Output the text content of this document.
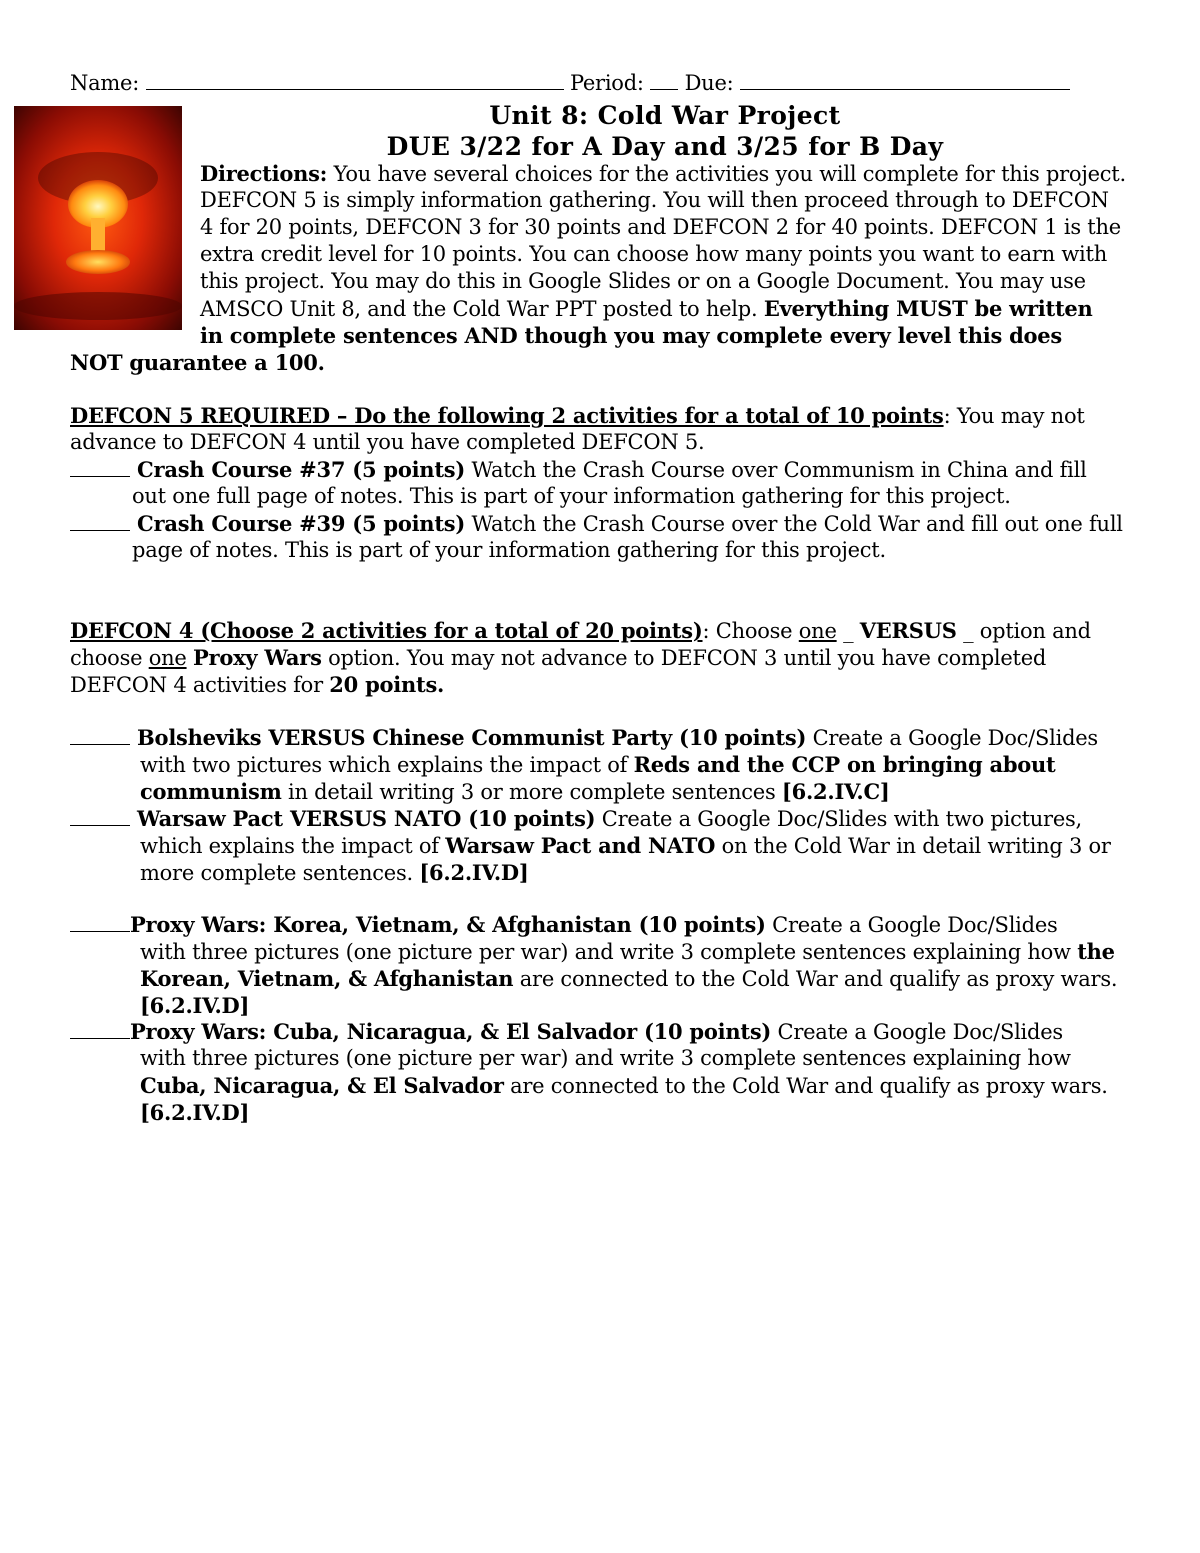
Name:	Period: Due:
Unit 8: Cold War Project
DUE 3/22 for A Day and 3/25 for B Day
Directions: You have several choices for the activities you will complete for this project.
DEFCON 5 is simply information gathering. You will then proceed through to DEFCON
4 for 20 points, DEFCON 3 for 30 points and DEFCON 2 for 40 points. DEFCON 1 is the
extra credit level for 10 points. You can choose how many points you want to earn with
this project. You may do this in Google Slides or on a Google Document. You may use
AMSCO Unit 8, and the Cold War PPT posted to help. Everything MUST be written
in complete sentences AND though you may complete every level this does
NOT guarantee a 100.
DEFCON 5 REQUIRED – Do the following 2 activities for a total of 10 points: You may not
advance to DEFCON 4 until you have completed DEFCON 5.
Crash Course #37 (5 points) Watch the Crash Course over Communism in China and fill
out one full page of notes. This is part of your information gathering for this project.
Crash Course #39 (5 points) Watch the Crash Course over the Cold War and fill out one full
page of notes. This is part of your information gathering for this project.
DEFCON 4 (Choose 2 activities for a total of 20 points): Choose one _ VERSUS _ option and
choose one Proxy Wars option. You may not advance to DEFCON 3 until you have completed
DEFCON 4 activities for 20 points.
Bolsheviks VERSUS Chinese Communist Party (10 points) Create a Google Doc/Slides
with two pictures which explains the impact of Reds and the CCP on bringing about
communism in detail writing 3 or more complete sentences [6.2.IV.C]
Warsaw Pact VERSUS NATO (10 points) Create a Google Doc/Slides with two pictures,
which explains the impact of Warsaw Pact and NATO on the Cold War in detail writing 3 or
more complete sentences. [6.2.IV.D]
Proxy Wars: Korea, Vietnam, & Afghanistan (10 points) Create a Google Doc/Slides
with three pictures (one picture per war) and write 3 complete sentences explaining how the
Korean, Vietnam, & Afghanistan are connected to the Cold War and qualify as proxy wars.
[6.2.IV.D]
Proxy Wars: Cuba, Nicaragua, & El Salvador (10 points) Create a Google Doc/Slides
with three pictures (one picture per war) and write 3 complete sentences explaining how
Cuba, Nicaragua, & El Salvador are connected to the Cold War and qualify as proxy wars.
[6.2.IV.D]
